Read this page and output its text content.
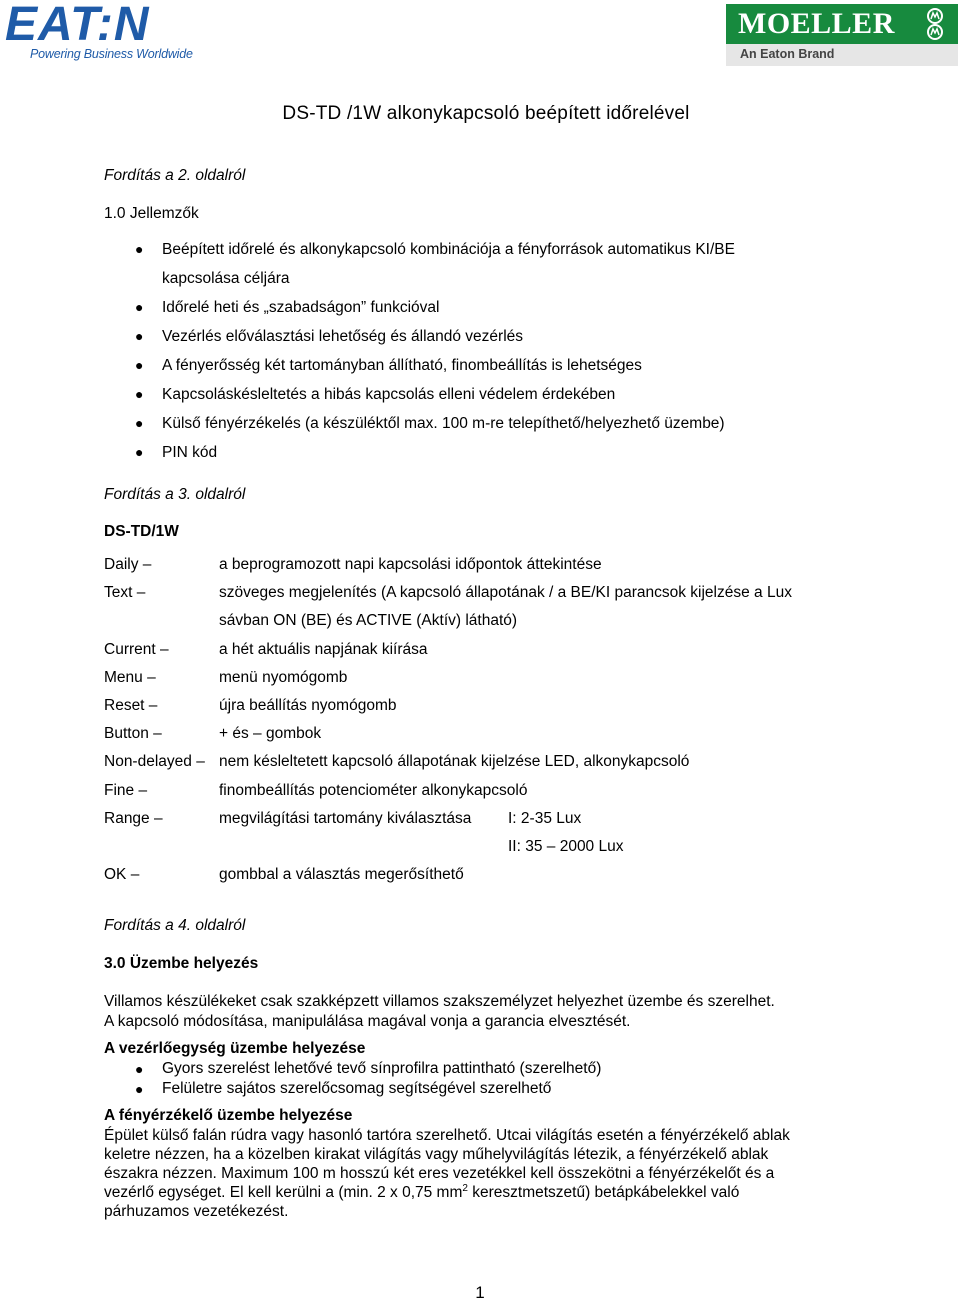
EAT:N
Powering Business Worldwide
MOELLER
An Eaton Brand
DS-TD /1W alkonykapcsoló beépített időrelével
Fordítás a 2. oldalról
1.0 Jellemzők
● Beépített időrelé és alkonykapcsoló kombinációja a fényforrások automatikus KI/BE
kapcsolása céljára
● Időrelé heti és „szabadságon” funkcióval
● Vezérlés előválasztási lehetőség és állandó vezérlés
● A fényerősség két tartományban állítható, finombeállítás is lehetséges
● Kapcsoláskésleltetés a hibás kapcsolás elleni védelem érdekében
● Külső fényérzékelés (a készüléktől max. 100 m-re telepíthető/helyezhető üzembe)
● PIN kód
Fordítás a 3. oldalról
DS-TD/1W
Daily –	a beprogramozott napi kapcsolási időpontok áttekintése
Text –	szöveges megjelenítés (A kapcsoló állapotának / a BE/KI parancsok kijelzése a Lux
sávban ON (BE) és ACTIVE (Aktív) látható)
Current –	a hét aktuális napjának kiírása
Menu –	menü nyomógomb
Reset –	újra beállítás nyomógomb
Button –	+ és – gombok
Non-delayed – nem késleltetett kapcsoló állapotának kijelzése LED, alkonykapcsoló
Fine –	finombeállítás potenciométer alkonykapcsoló
Range –	megvilágítási tartomány kiválasztása I: 2-35 Lux
II: 35 – 2000 Lux
OK –	gombbal a választás megerősíthető
Fordítás a 4. oldalról
3.0 Üzembe helyezés
Villamos készülékeket csak szakképzett villamos szakszemélyzet helyezhet üzembe és szerelhet.
A kapcsoló módosítása, manipulálása magával vonja a garancia elvesztését.
A vezérlőegység üzembe helyezése
● Gyors szerelést lehetővé tevő sínprofilra pattintható (szerelhető)
● Felületre sajátos szerelőcsomag segítségével szerelhető
A fényérzékelő üzembe helyezése
Épület külső falán rúdra vagy hasonló tartóra szerelhető. Utcai világítás esetén a fényérzékelő ablak
keletre nézzen, ha a közelben kirakat világítás vagy műhelyvilágítás létezik, a fényérzékelő ablak
északra nézzen. Maximum 100 m hosszú két eres vezetékkel kell összekötni a fényérzékelőt és a
vezérlő egységet. El kell kerülni a (min. 2 x 0,75 $mm^2$ keresztmetszetű) betápkábelekkel való
párhuzamos vezetékezést.
1
